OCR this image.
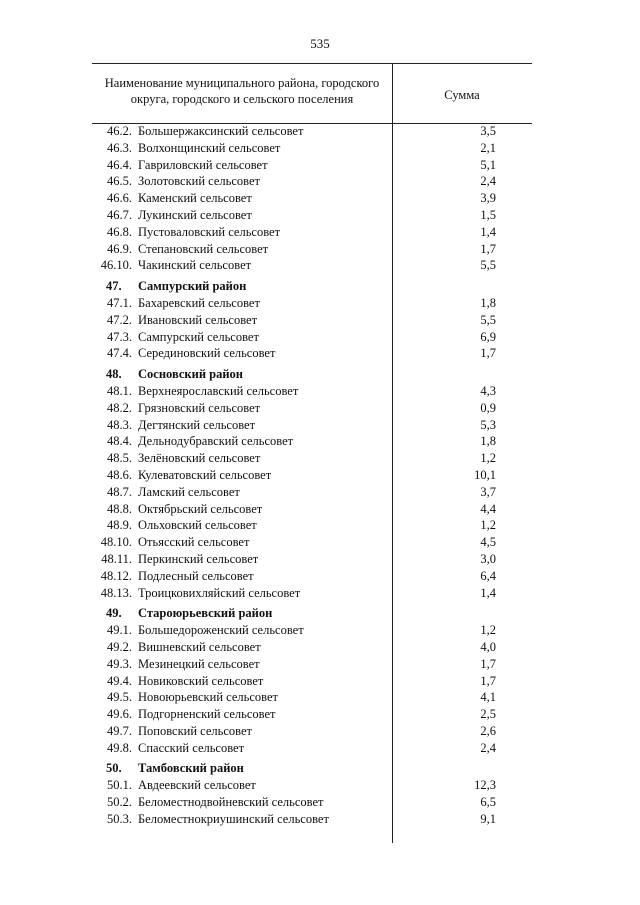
535
Наименование муниципального района, городского
округа, городского и сельского поселения	Сумма
46.2. Большержаксинский сельсовет	3,5
46.3. Волхонщинский сельсовет	2,1
46.4. Гавриловский сельсовет	5,1
46.5. Золотовский сельсовет	2,4
46.6. Каменский сельсовет	3,9
46.7. Лукинский сельсовет	1,5
46.8. Пустоваловский сельсовет	1,4
46.9. Степановский сельсовет	1,7
46.10. Чакинский сельсовет	5,5
47.	Сампурский район
47.1. Бахаревский сельсовет	1,8
47.2. Ивановский сельсовет	5,5
47.3. Сампурский сельсовет	6,9
47.4. Серединовский сельсовет	1,7
48.	Сосновский район
48.1. Верхнеярославский сельсовет	4,3
48.2. Грязновский сельсовет	0,9
48.3. Дегтянский сельсовет	5,3
48.4. Дельнодубравский сельсовет	1,8
48.5. Зелёновский сельсовет	1,2
48.6. Кулеватовский сельсовет	10,1
48.7. Ламский сельсовет	3,7
48.8. Октябрьский сельсовет	4,4
48.9. Ольховский сельсовет	1,2
48.10. Отьясский сельсовет	4,5
48.11. Перкинский сельсовет	3,0
48.12. Подлесный сельсовет	6,4
48.13. Троицковихляйский сельсовет	1,4
49.	Староюрьевский район
49.1. Большедороженский сельсовет	1,2
49.2. Вишневский сельсовет	4,0
49.3. Мезинецкий сельсовет	1,7
49.4. Новиковский сельсовет	1,7
49.5. Новоюрьевский сельсовет	4,1
49.6. Подгорненский сельсовет	2,5
49.7. Поповский сельсовет	2,6
49.8. Спасский сельсовет	2,4
50.	Тамбовский район
50.1. Авдеевский сельсовет	12,3
50.2. Беломестнодвойневский сельсовет	6,5
50.3. Беломестнокриушинский сельсовет	9,1
